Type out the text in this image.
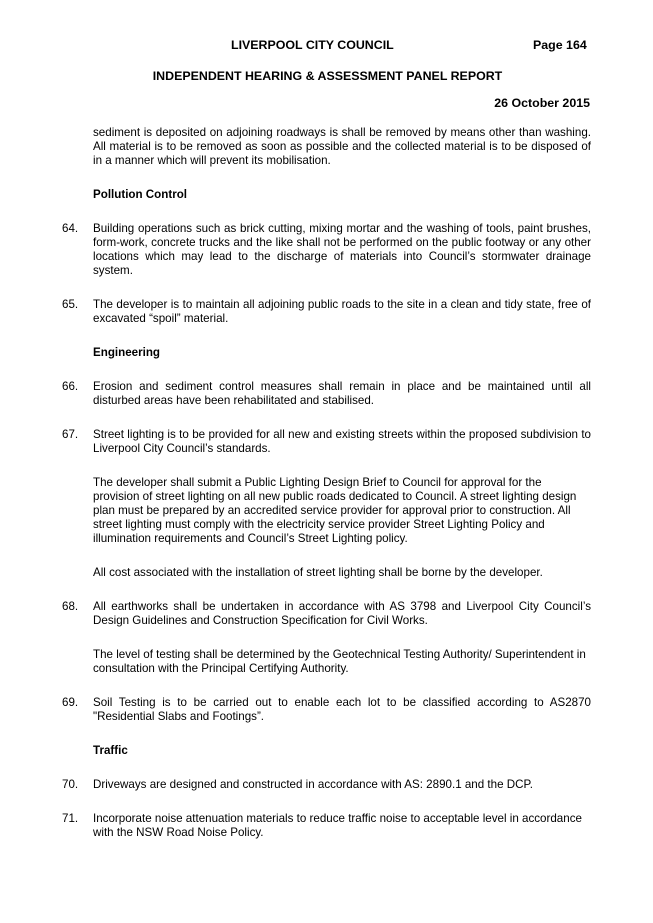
LIVERPOOL CITY COUNCIL	Page 164
INDEPENDENT HEARING & ASSESSMENT PANEL REPORT
26 October 2015

sediment is deposited on adjoining roadways is shall be removed by means other than washing. All material is to be removed as soon as possible and the collected material is to be disposed of in a manner which will prevent its mobilisation.

Pollution Control

64. Building operations such as brick cutting, mixing mortar and the washing of tools, paint brushes, form-work, concrete trucks and the like shall not be performed on the public footway or any other locations which may lead to the discharge of materials into Council’s stormwater drainage system.
65. The developer is to maintain all adjoining public roads to the site in a clean and tidy state, free of excavated “spoil” material.

Engineering

66. Erosion and sediment control measures shall remain in place and be maintained until all disturbed areas have been rehabilitated and stabilised.
67. Street lighting is to be provided for all new and existing streets within the proposed subdivision to Liverpool City Council’s standards.

The developer shall submit a Public Lighting Design Brief to Council for approval for the provision of street lighting on all new public roads dedicated to Council. A street lighting design plan must be prepared by an accredited service provider for approval prior to construction. All street lighting must comply with the electricity service provider Street Lighting Policy and illumination requirements and Council’s Street Lighting policy.

All cost associated with the installation of street lighting shall be borne by the developer.

68. All earthworks shall be undertaken in accordance with AS 3798 and Liverpool City Council’s Design Guidelines and Construction Specification for Civil Works.

The level of testing shall be determined by the Geotechnical Testing Authority/ Superintendent in consultation with the Principal Certifying Authority.

69. Soil Testing is to be carried out to enable each lot to be classified according to AS2870 "Residential Slabs and Footings”.

Traffic

70. Driveways are designed and constructed in accordance with AS: 2890.1 and the DCP.
71. Incorporate noise attenuation materials to reduce traffic noise to acceptable level in accordance with the NSW Road Noise Policy.
